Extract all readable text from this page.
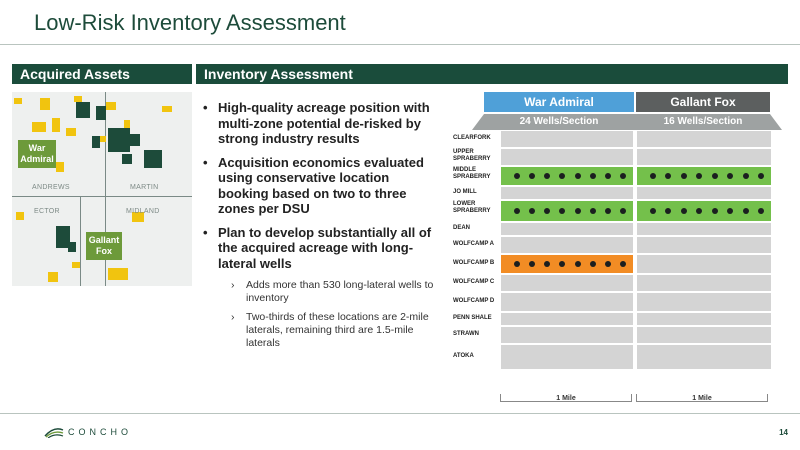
Low-Risk Inventory Assessment
Acquired Assets	Inventory Assessment
ANDREWS	MARTIN
ECTOR	MIDLAND
War Admiral
Gallant Fox
• High-quality acreage position with multi-zone potential de-risked by strong industry results
• Acquisition economics evaluated using conservative location booking based on two to three zones per DSU
• Plan to develop substantially all of the acquired acreage with long-lateral wells
› Adds more than 530 long-lateral wells to inventory
› Two-thirds of these locations are 2-mile laterals, remaining third are 1.5-mile laterals
War Admiral	Gallant Fox
24 Wells/Section	16 Wells/Section
CLEARFORK
UPPER SPRABERRY
MIDDLE SPRABERRY
JO MILL
LOWER SPRABERRY
DEAN
WOLFCAMP A
WOLFCAMP B
WOLFCAMP C
WOLFCAMP D
PENN SHALE
STRAWN
ATOKA
1 Mile	1 Mile
CONCHO	14
